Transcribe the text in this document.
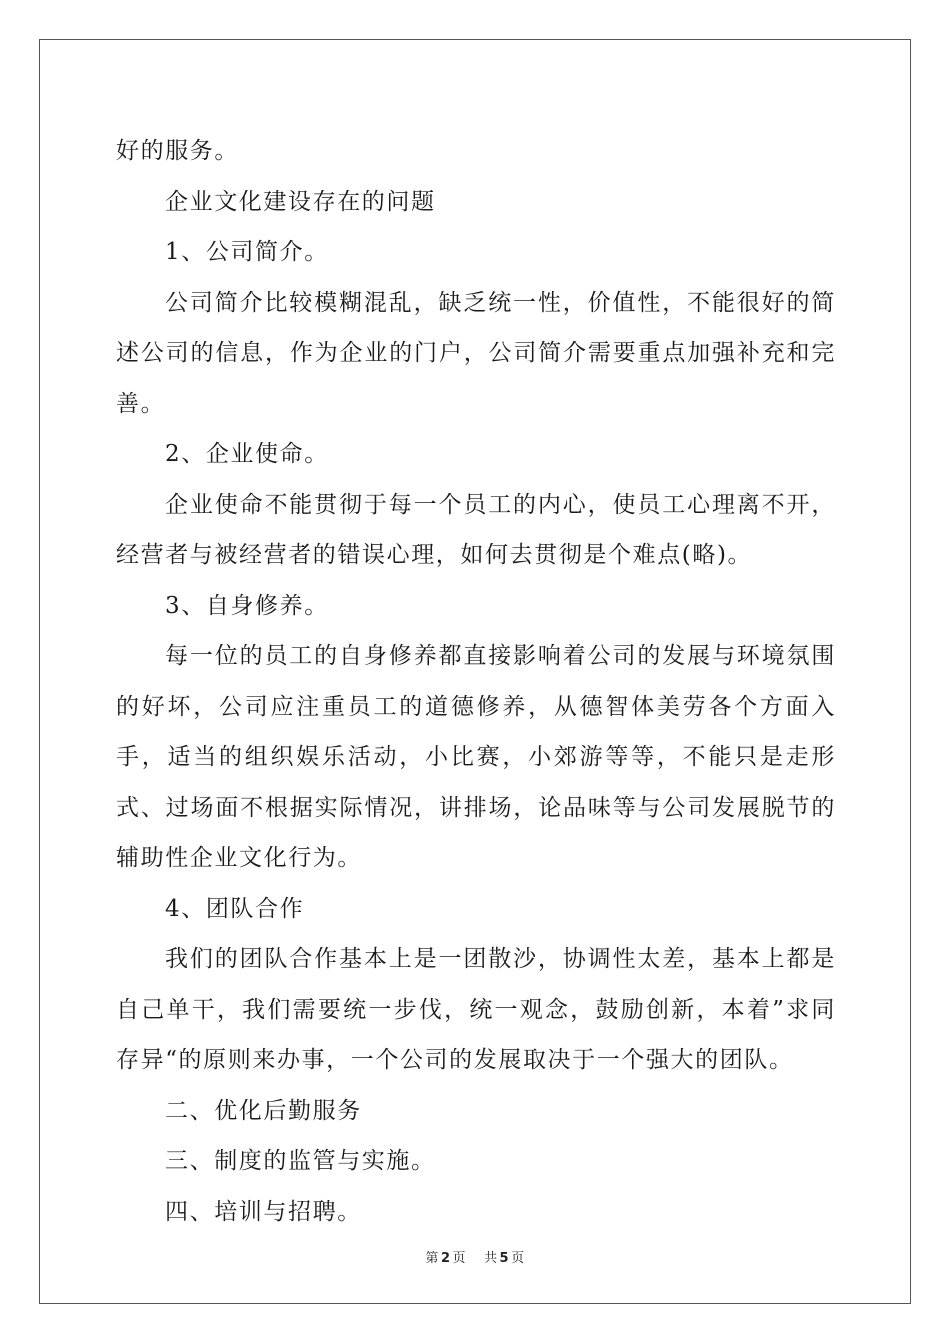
好的服务。

企业文化建设存在的问题

1、公司简介。

公司简介比较模糊混乱，缺乏统一性，价值性，不能很好的简述公司的信息，作为企业的门户，公司简介需要重点加强补充和完善。

2、企业使命。

企业使命不能贯彻于每一个员工的内心，使员工心理离不开，经营者与被经营者的错误心理，如何去贯彻是个难点(略)。

3、自身修养。

每一位的员工的自身修养都直接影响着公司的发展与环境氛围的好坏，公司应注重员工的道德修养，从德智体美劳各个方面入手，适当的组织娱乐活动，小比赛，小郊游等等，不能只是走形式、过场面不根据实际情况，讲排场，论品味等与公司发展脱节的辅助性企业文化行为。

4、团队合作

我们的团队合作基本上是一团散沙，协调性太差，基本上都是自己单干，我们需要统一步伐，统一观念，鼓励创新，本着”求同存异“的原则来办事，一个公司的发展取决于一个强大的团队。

二、优化后勤服务

三、制度的监管与实施。

四、培训与招聘。

第 2 页 共 5 页
